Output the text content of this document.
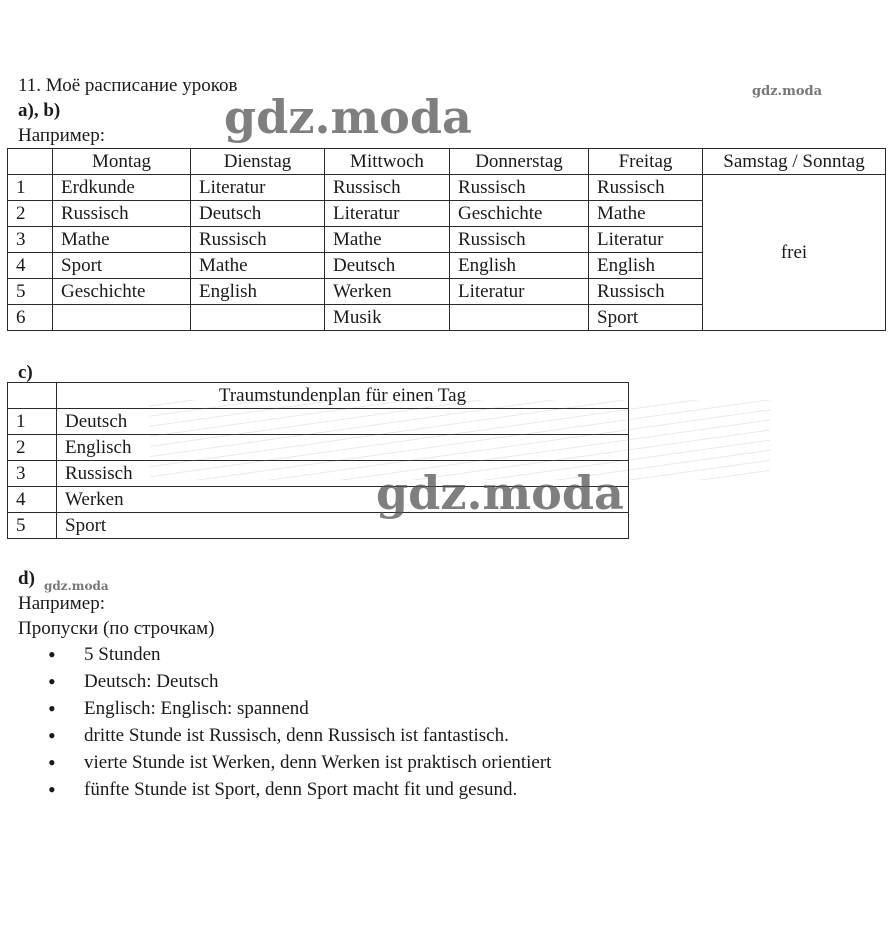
11. Моё расписание уроков
a), b)
Например:
gdz.moda
gdz.moda
	Montag	Dienstag	Mittwoch	Donnerstag	Freitag	Samstag / Sonntag
1	Erdkunde	Literatur	Russisch	Russisch	Russisch	frei
2	Russisch	Deutsch	Literatur	Geschichte	Mathe	
3	Mathe	Russisch	Mathe	Russisch	Literatur	
4	Sport	Mathe	Deutsch	English	English	
5	Geschichte	English	Werken	Literatur	Russisch	
6			Musik		Sport	
c)
	Traumstundenplan für einen Tag
1	Deutsch
2	Englisch
3	Russisch
4	Werken
5	Sport
gdz.moda
d) gdz.moda
Например:
Пропуски (по строчкам)
• 5 Stunden
• Deutsch: Deutsch
• Englisch: Englisch: spannend
• dritte Stunde ist Russisch, denn Russisch ist fantastisch.
• vierte Stunde ist Werken, denn Werken ist praktisch orientiert
• fünfte Stunde ist Sport, denn Sport macht fit und gesund.
